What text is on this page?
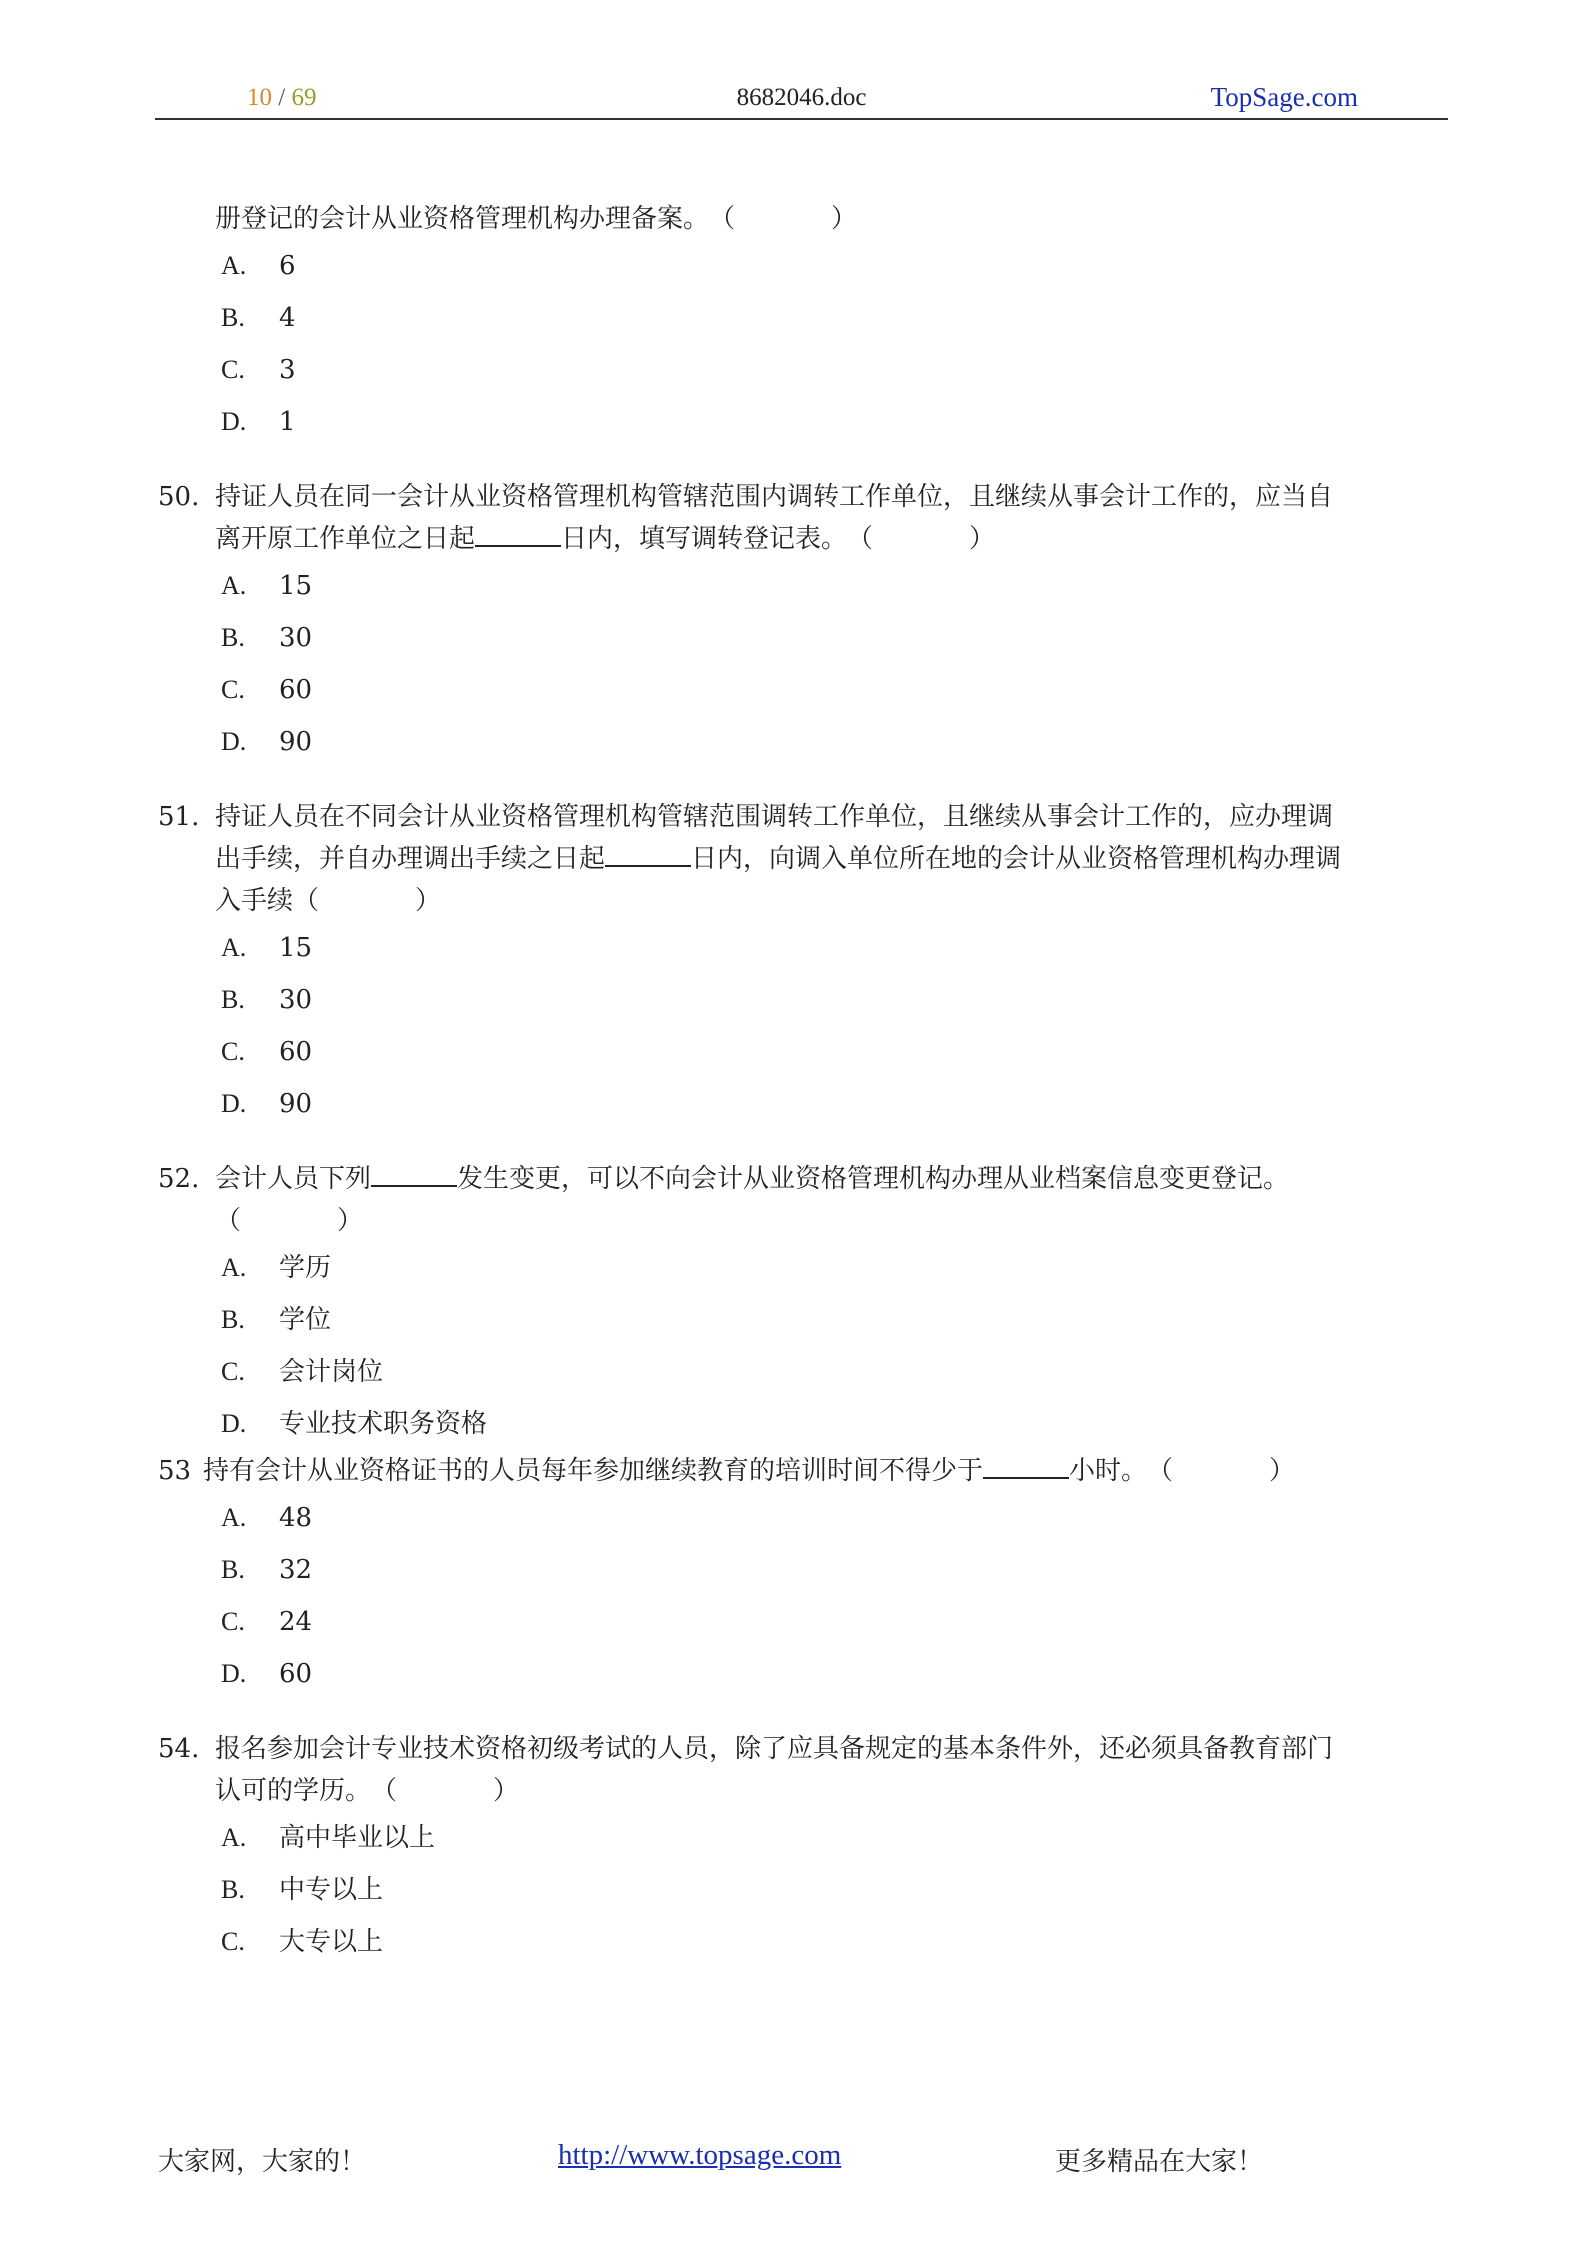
10 / 69	8682046.doc	TopSage.com
册登记的会计从业资格管理机构办理备案。（	）
A. 6
B. 4
C. 3
D. 1
50. 持证人员在同一会计从业资格管理机构管辖范围内调转工作单位，且继续从事会计工作的，应当自
离开原工作单位之日起	日内，填写调转登记表。（	）
A. 15
B. 30
C. 60
D. 90
51. 持证人员在不同会计从业资格管理机构管辖范围调转工作单位，且继续从事会计工作的，应办理调
出手续，并自办理调出手续之日起	日内，向调入单位所在地的会计从业资格管理机构办理调
入手续（	）
A. 15
B. 30
C. 60
D. 90
52. 会计人员下列	发生变更，可以不向会计从业资格管理机构办理从业档案信息变更登记。
（	）
A. 学历
B. 学位
C. 会计岗位
D. 专业技术职务资格
53 持有会计从业资格证书的人员每年参加继续教育的培训时间不得少于	小时。（	）
A. 48
B. 32
C. 24
D. 60
54. 报名参加会计专业技术资格初级考试的人员，除了应具备规定的基本条件外，还必须具备教育部门
认可的学历。（	）
A. 高中毕业以上
B. 中专以上
C. 大专以上
大家网，大家的！	http://www.topsage.com	更多精品在大家！
